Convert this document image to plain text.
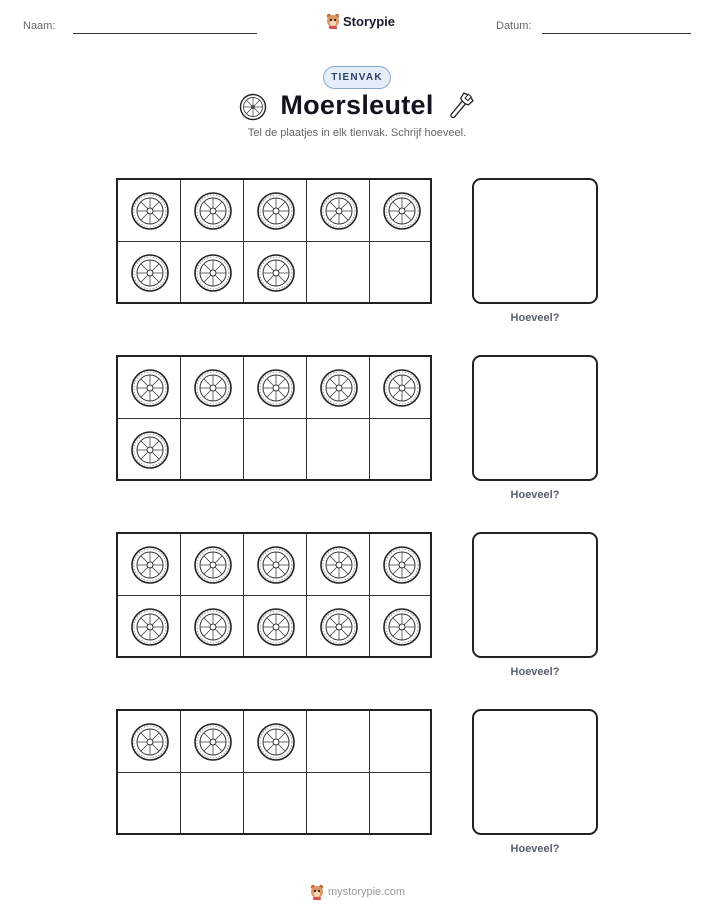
Naam:	Storypie	Datum:
TIENVAK
Moersleutel
Tel de plaatjes in elk tienvak. Schrijf hoeveel.
Hoeveel?
Hoeveel?
Hoeveel?
Hoeveel?
mystorypie.com
